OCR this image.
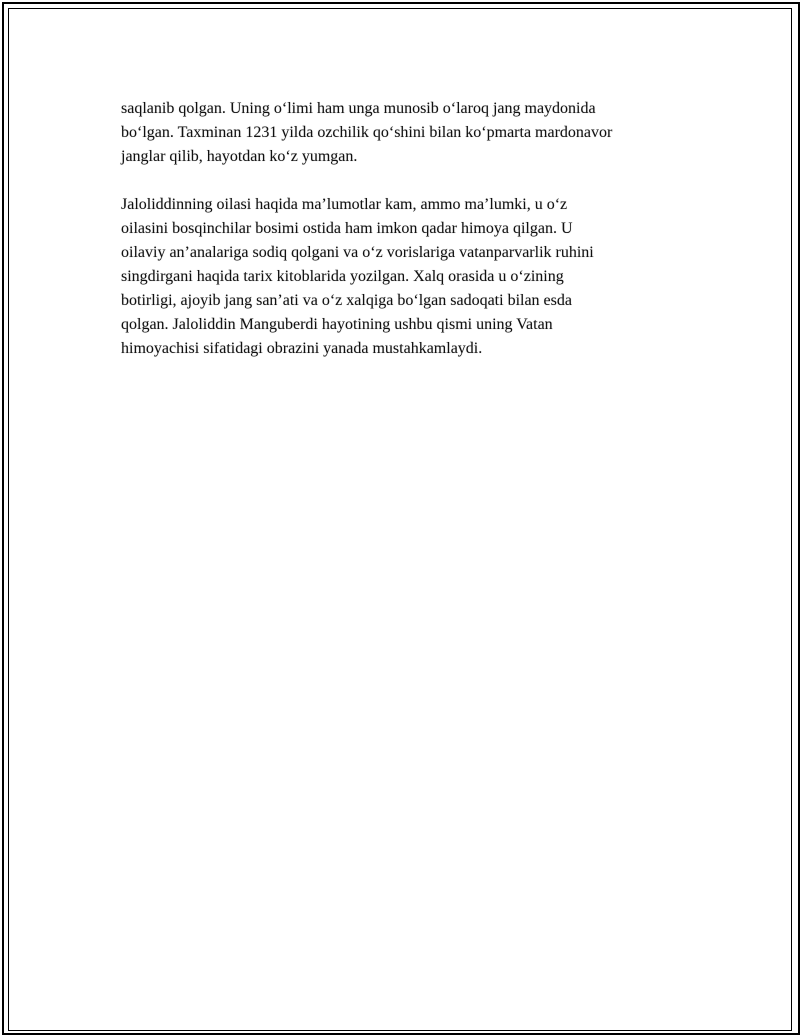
saqlanib qolgan. Uning oʻlimi ham unga munosib oʻlaroq jang maydonida
boʻlgan. Taxminan 1231 yilda ozchilik qoʻshini bilan koʻpmarta mardonavor
janglar qilib, hayotdan koʻz yumgan.

Jaloliddinning oilasi haqida maʼlumotlar kam, ammo maʼlumki, u oʻz
oilasini bosqinchilar bosimi ostida ham imkon qadar himoya qilgan. U
oilaviy anʼanalariga sodiq qolgani va oʻz vorislariga vatanparvarlik ruhini
singdirgani haqida tarix kitoblarida yozilgan. Xalq orasida u oʻzining
botirligi, ajoyib jang sanʼati va oʻz xalqiga boʻlgan sadoqati bilan esda
qolgan. Jaloliddin Manguberdi hayotining ushbu qismi uning Vatan
himoyachisi sifatidagi obrazini yanada mustahkamlaydi.
